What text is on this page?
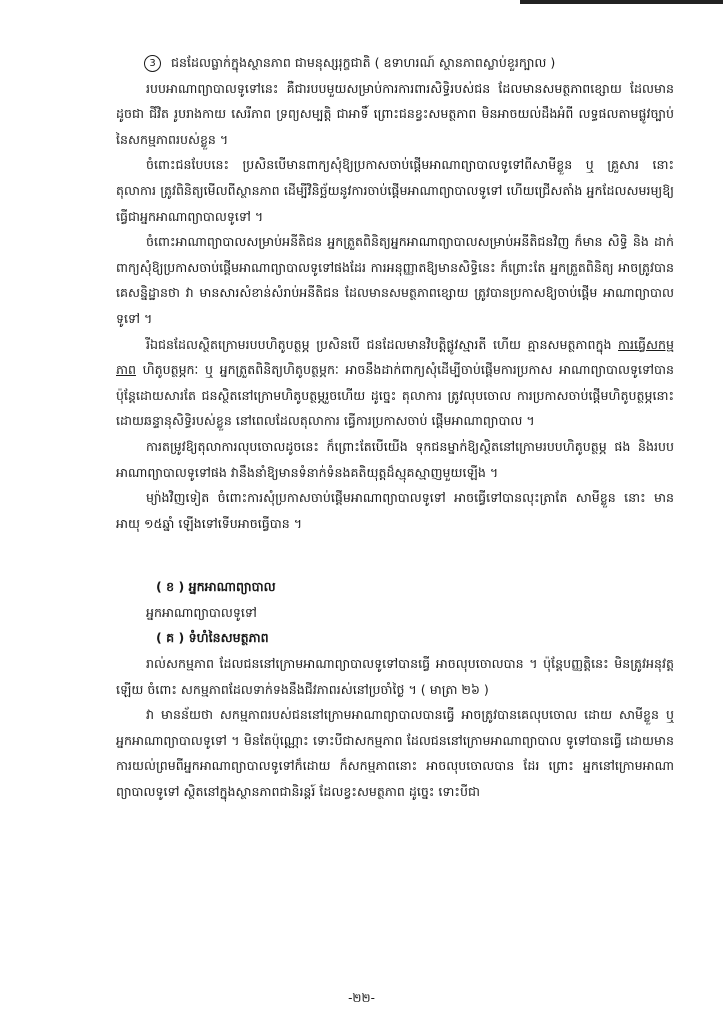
3 ជនដែលធ្លាក់ក្នុងស្ថានភាព ជាមនុស្សរុក្ខជាតិ ( ឧទាហរណ៍ ស្ថានភាពស្លាប់ខួរក្បាល )

របបអាណាព្យាបាលទូទៅនេះ គឺជារបបមួយសម្រាប់ការការពារសិទ្ធិរបស់ជន ដែលមានសមត្ថភាពខ្សោយ ដែលមានដូចជា ជីវិត រូបរាងកាយ សេរីភាព ទ្រព្យសម្បត្តិ ជាអាទិ៍ ព្រោះជនខ្វះសមត្ថភាព មិនអាចយល់ដឹងអំពី លទ្ធផលតាមផ្លូវច្បាប់នៃសកម្មភាពរបស់ខ្លួន ។

ចំពោះជនបែបនេះ ប្រសិនបើមានពាក្យសុំឱ្យប្រកាសចាប់ផ្តើមអាណាព្យាបាលទូទៅពីសាមីខ្លួន ឬ គ្រួសារ នោះ តុលាការ ត្រូវពិនិត្យមើលពីស្ថានភាព ដើម្បីវិនិច្ឆ័យនូវការចាប់ផ្តើមអាណាព្យាបាលទូទៅ ហើយជ្រើសតាំង អ្នកដែលសមរម្យឱ្យធ្វើជាអ្នកអាណាព្យាបាលទូទៅ ។

ចំពោះអាណាព្យាបាលសម្រាប់អនីតិជន អ្នកត្រួតពិនិត្យអ្នកអាណាព្យាបាលសម្រាប់អនីតិជនវិញ ក៏មាន សិទ្ធិ និង ដាក់ពាក្យសុំឱ្យប្រកាសចាប់ផ្តើមអាណាព្យាបាលទូទៅផងដែរ ការអនុញ្ញាតឱ្យមានសិទ្ធិនេះ ក៏ព្រោះតែ អ្នកត្រួតពិនិត្យ អាចត្រូវបានគេសន្និដ្ឋានថា វា មានសារសំខាន់សំរាប់អនីតិជន ដែលមានសមត្ថភាពខ្សោយ ត្រូវបានប្រកាសឱ្យចាប់ផ្តើម អាណាព្យាបាលទូទៅ ។

រីឯជនដែលស្ថិតក្រោមរបបហិតូបត្ថម្ភ ប្រសិនបើ ជនដែលមានវិបត្តិផ្លូវស្មារតី ហើយ គ្មានសមត្ថភាពក្នុង ការធ្វើសកម្មភាព ហិតូបត្ថម្ភកៈ ឬ អ្នកត្រួតពិនិត្យហិតូបត្ថម្ភកៈ អាចនឹងដាក់ពាក្យសុំដើម្បីចាប់ផ្តើមការប្រកាស អាណាព្យាបាលទូទៅបាន ប៉ុន្តែដោយសារតែ ជនស្ថិតនៅក្រោមហិតូបត្ថម្ភរួចហើយ ដូច្នេះ តុលាការ ត្រូវលុបចោល ការប្រកាសចាប់ផ្តើមហិតូបត្ថម្ភនោះ ដោយឆន្ទានុសិទ្ធិរបស់ខ្លួន នៅពេលដែលតុលាការ ធ្វើការប្រកាសចាប់ ផ្តើមអាណាព្យាបាល ។

ការតម្រូវឱ្យតុលាការលុបចោលដូចនេះ ក៏ព្រោះតែបើយើង ទុកជនម្នាក់ឱ្យស្ថិតនៅក្រោមរបបហិតូបត្ថម្ភ ផង និងរបបអាណាព្យាបាលទូទៅផង វានឹងនាំឱ្យមានទំនាក់ទំនងគតិយុត្តដ៏ស្មុគស្មាញមួយឡើង ។

ម្យ៉ាងវិញទៀត ចំពោះការសុំប្រកាសចាប់ផ្តើមអាណាព្យាបាលទូទៅ អាចធ្វើទៅបានលុះត្រាតែ សាមីខ្លួន នោះ មានអាយុ ១៥ឆ្នាំ ឡើងទៅទើបអាចធ្វើបាន ។

( ខ ) អ្នកអាណាព្យាបាល

អ្នកអាណាព្យាបាលទូទៅ

( គ ) ទំហំនៃសមត្ថភាព

រាល់សកម្មភាព ដែលជននៅក្រោមអាណាព្យាបាលទូទៅបានធ្វើ អាចលុបចោលបាន ។ ប៉ុន្តែបញ្ញត្តិនេះ មិនត្រូវអនុវត្តឡើយ ចំពោះ សកម្មភាពដែលទាក់ទងនឹងជីវភាពរស់នៅប្រចាំថ្ងៃ ។ ( មាត្រា ២៦ )

វា មានន័យថា សកម្មភាពរបស់ជននៅក្រោមអាណាព្យាបាលបានធ្វើ អាចត្រូវបានគេលុបចោល ដោយ សាមីខ្លួន ឬ អ្នកអាណាព្យាបាលទូទៅ ។ មិនតែប៉ុណ្ណោះ ទោះបីជាសកម្មភាព ដែលជននៅក្រោមអាណាព្យាបាល ទូទៅបានធ្វើ ដោយមានការយល់ព្រមពីអ្នកអាណាព្យាបាលទូទៅក៏ដោយ ក៏សកម្មភាពនោះ អាចលុបចោលបាន ដែរ ព្រោះ អ្នកនៅក្រោមអាណាព្យាបាលទូទៅ ស្ថិតនៅក្នុងស្ថានភាពជានិរន្តរ៍ ដែលខ្វះសមត្ថភាព ដូច្នេះ ទោះបីជា

-២២-
